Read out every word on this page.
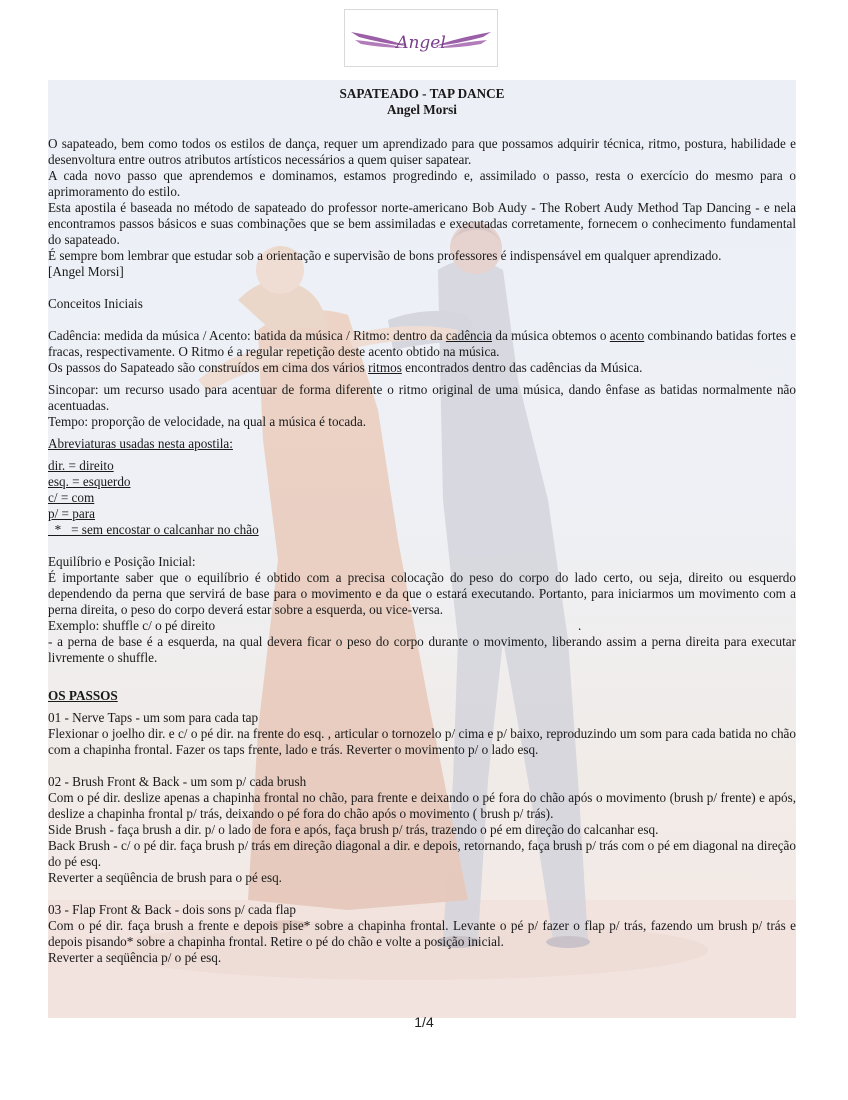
Angel

SAPATEADO - TAP DANCE

Angel Morsi

O sapateado, bem como todos os estilos de dança, requer um aprendizado para que possamos adquirir técnica, ritmo, postura, habilidade e desenvoltura entre outros atributos artísticos necessários a quem quiser sapatear.

A cada novo passo que aprendemos e dominamos, estamos progredindo e, assimilado o passo, resta o exercício do mesmo para o aprimoramento do estilo.

Esta apostila é baseada no método de sapateado do professor norte-americano Bob Audy - The Robert Audy Method Tap Dancing - e nela encontramos passos básicos e suas combinações que se bem assimiladas e executadas corretamente, fornecem o conhecimento fundamental do sapateado.

É sempre bom lembrar que estudar sob a orientação e supervisão de bons professores é indispensável em qualquer aprendizado.

[Angel Morsi]

Conceitos Iniciais

Cadência: medida da música / Acento: batida da música / Ritmo: dentro da cadência da música obtemos o acento combinando batidas fortes e fracas, respectivamente. O Ritmo é a regular repetição deste acento obtido na música.

Os passos do Sapateado são construídos em cima dos vários ritmos encontrados dentro das cadências da Música.

Sincopar: um recurso usado para acentuar de forma diferente o ritmo original de uma música, dando ênfase as batidas normalmente não acentuadas.

Tempo: proporção de velocidade, na qual a música é tocada.

Abreviaturas usadas nesta apostila:

dir. = direito

esq. = esquerdo

c/ = com

p/ = para

*   = sem encostar o calcanhar no chão

Equilíbrio e Posição Inicial:

É importante saber que o equilíbrio é obtido com a precisa colocação do peso do corpo do lado certo, ou seja, direito ou esquerdo dependendo da perna que servirá de base para o movimento e da que o estará executando. Portanto, para iniciarmos um movimento com a perna direita, o peso do corpo deverá estar sobre a esquerda, ou vice-versa.

Exemplo: shuffle c/ o pé direito	.

- a perna de base é a esquerda, na qual devera ficar o peso do corpo durante o movimento, liberando assim a perna direita para executar livremente o shuffle.

OS PASSOS

01 - Nerve Taps - um som para cada tap

Flexionar o joelho dir. e c/ o pé dir. na frente do esq. , articular o tornozelo p/ cima e p/ baixo, reproduzindo um som para cada batida no chão com a chapinha frontal. Fazer os taps frente, lado e trás. Reverter o movimento p/ o lado esq.

02 - Brush Front & Back - um som p/ cada brush

Com o pé dir. deslize apenas a chapinha frontal no chão, para frente e deixando o pé fora do chão após o movimento (brush p/ frente) e após, deslize a chapinha frontal p/ trás, deixando o pé fora do chão após o movimento ( brush p/ trás).

Side Brush - faça brush a dir. p/ o lado de fora e após, faça brush p/ trás, trazendo o pé em direção do calcanhar esq.

Back Brush - c/ o pé dir. faça brush p/ trás em direção diagonal a dir. e depois, retornando, faça brush p/ trás com o pé em diagonal na direção do pé esq.

Reverter a seqüência de brush para o pé esq.

03 - Flap Front & Back - dois sons p/ cada flap

Com o pé dir. faça brush a frente e depois pise* sobre a chapinha frontal. Levante o pé p/ fazer o flap p/ trás, fazendo um brush p/ trás e depois pisando* sobre a chapinha frontal. Retire o pé do chão e volte a posição inicial.

Reverter a seqüência p/ o pé esq.

1/4
